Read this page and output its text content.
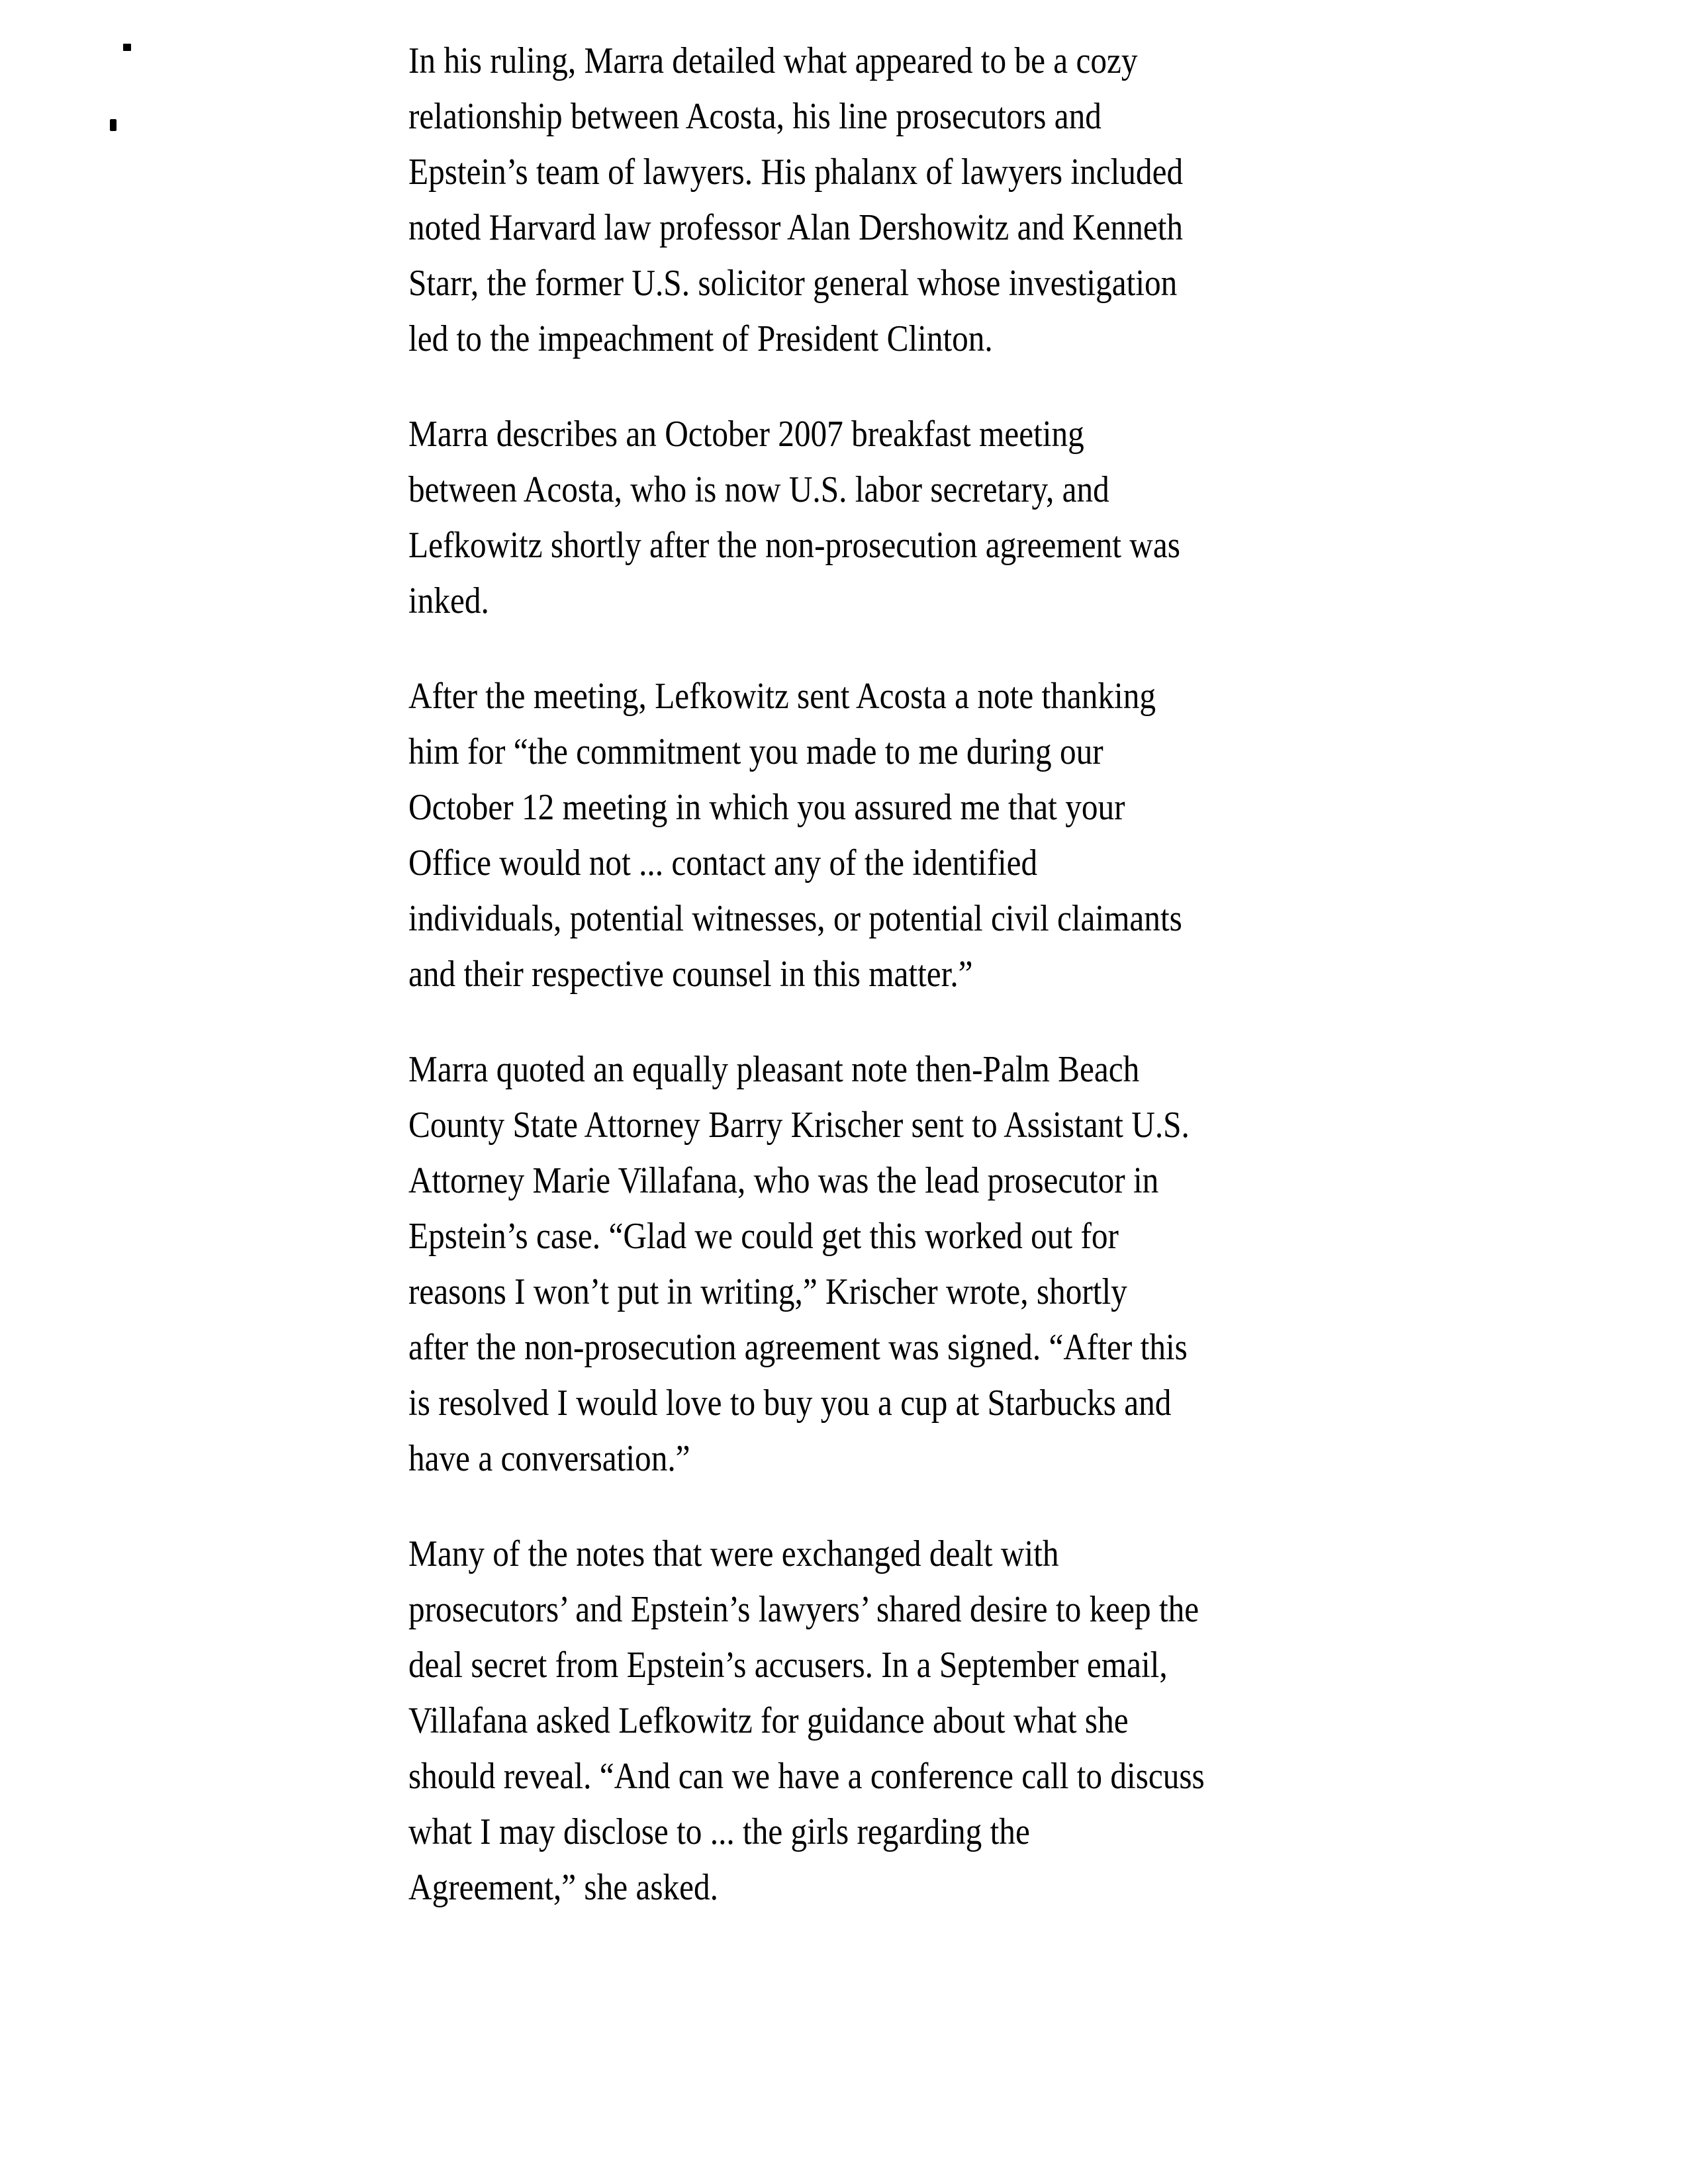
In his ruling, Marra detailed what appeared to be a cozy
relationship between Acosta, his line prosecutors and
Epstein’s team of lawyers. His phalanx of lawyers included
noted Harvard law professor Alan Dershowitz and Kenneth
Starr, the former U.S. solicitor general whose investigation
led to the impeachment of President Clinton.

Marra describes an October 2007 breakfast meeting
between Acosta, who is now U.S. labor secretary, and
Lefkowitz shortly after the non-prosecution agreement was
inked.

After the meeting, Lefkowitz sent Acosta a note thanking
him for “the commitment you made to me during our
October 12 meeting in which you assured me that your
Office would not ... contact any of the identified
individuals, potential witnesses, or potential civil claimants
and their respective counsel in this matter.”

Marra quoted an equally pleasant note then-Palm Beach
County State Attorney Barry Krischer sent to Assistant U.S.
Attorney Marie Villafana, who was the lead prosecutor in
Epstein’s case. “Glad we could get this worked out for
reasons I won’t put in writing,” Krischer wrote, shortly
after the non-prosecution agreement was signed. “After this
is resolved I would love to buy you a cup at Starbucks and
have a conversation.”

Many of the notes that were exchanged dealt with
prosecutors’ and Epstein’s lawyers’ shared desire to keep the
deal secret from Epstein’s accusers. In a September email,
Villafana asked Lefkowitz for guidance about what she
should reveal. “And can we have a conference call to discuss
what I may disclose to ... the girls regarding the
Agreement,” she asked.
